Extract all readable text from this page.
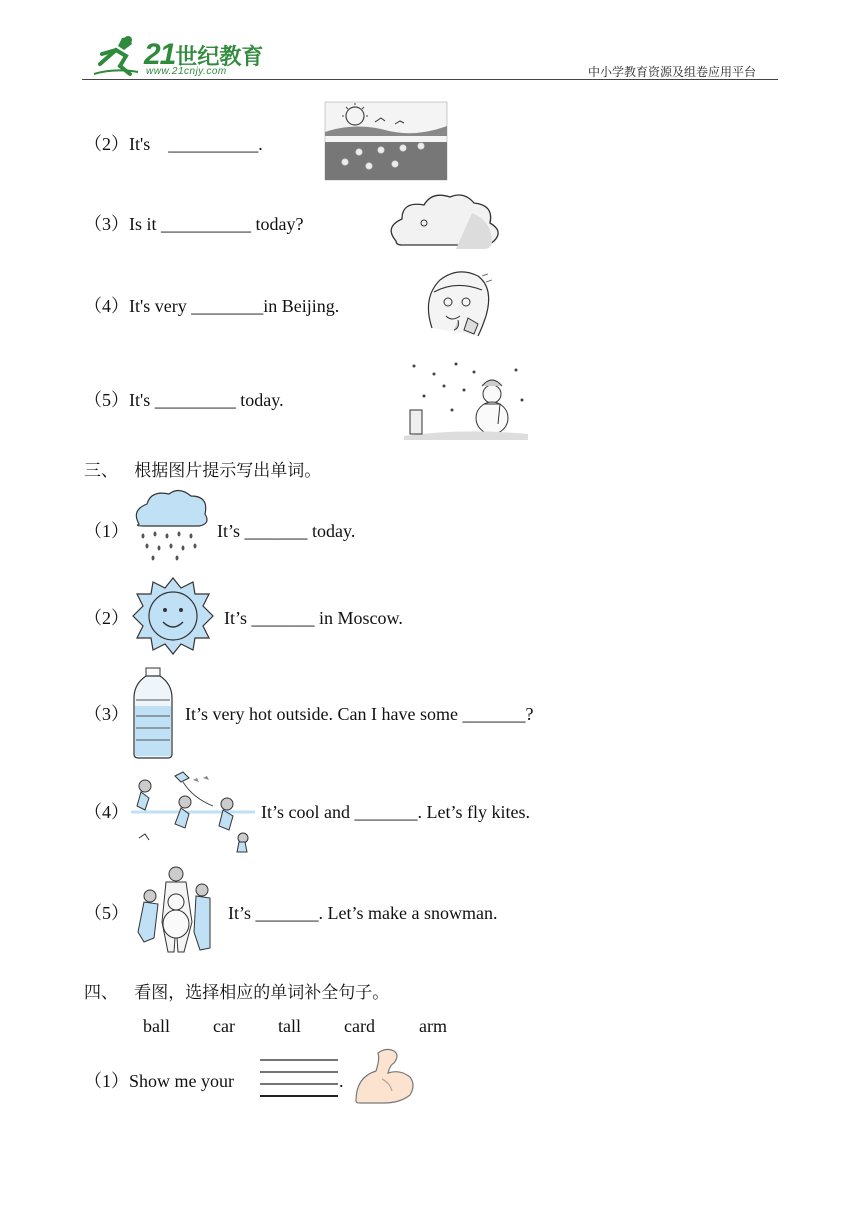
21世纪教育
www.21cnjy.com	中小学教育资源及组卷应用平台
（2）It's    __________.
（3）Is it __________ today?
（4）It's very ________in Beijing.
（5）It's _________ today.
三、   根据图片提示写出单词。
（1）	It’s _______ today.
（2）	It’s _______ in Moscow.
（3）	It’s very hot outside. Can I have some _______?
（4）	It’s cool and _______. Let’s fly kites.
（5）	It’s _______. Let’s make a snowman.
四、   看图，选择相应的单词补全句子。
ball car tall card arm
（1）Show me your	.
